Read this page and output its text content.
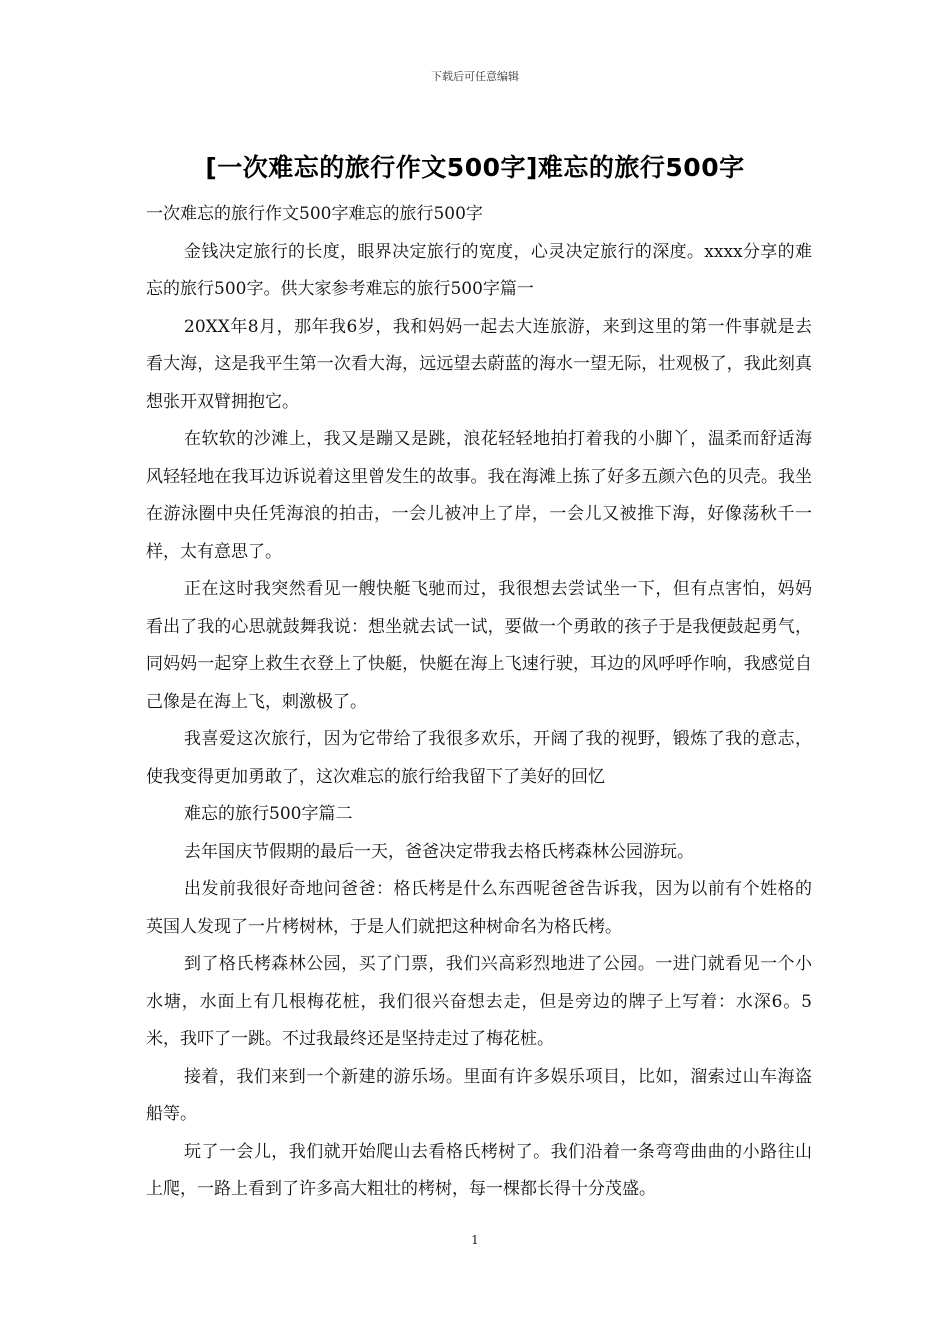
下载后可任意编辑
[一次难忘的旅行作文500字]难忘的旅行500字

一次难忘的旅行作文500字难忘的旅行500字

金钱决定旅行的长度，眼界决定旅行的宽度，心灵决定旅行的深度。xxxx分享的难忘的旅行500字。供大家参考难忘的旅行500字篇一

20XX年8月，那年我6岁，我和妈妈一起去大连旅游，来到这里的第一件事就是去看大海，这是我平生第一次看大海，远远望去蔚蓝的海水一望无际，壮观极了，我此刻真想张开双臂拥抱它。

在软软的沙滩上，我又是蹦又是跳，浪花轻轻地拍打着我的小脚丫，温柔而舒适海风轻轻地在我耳边诉说着这里曾发生的故事。我在海滩上拣了好多五颜六色的贝壳。我坐在游泳圈中央任凭海浪的拍击，一会儿被冲上了岸，一会儿又被推下海，好像荡秋千一样，太有意思了。

正在这时我突然看见一艘快艇飞驰而过，我很想去尝试坐一下，但有点害怕，妈妈看出了我的心思就鼓舞我说：想坐就去试一试，要做一个勇敢的孩子于是我便鼓起勇气，同妈妈一起穿上救生衣登上了快艇，快艇在海上飞速行驶，耳边的风呼呼作响，我感觉自己像是在海上飞，刺激极了。

我喜爱这次旅行，因为它带给了我很多欢乐，开阔了我的视野，锻炼了我的意志，使我变得更加勇敢了，这次难忘的旅行给我留下了美好的回忆

难忘的旅行500字篇二

去年国庆节假期的最后一天，爸爸决定带我去格氏栲森林公园游玩。

出发前我很好奇地问爸爸：格氏栲是什么东西呢爸爸告诉我，因为以前有个姓格的英国人发现了一片栲树林，于是人们就把这种树命名为格氏栲。

到了格氏栲森林公园，买了门票，我们兴高彩烈地进了公园。一进门就看见一个小水塘，水面上有几根梅花桩，我们很兴奋想去走，但是旁边的牌子上写着：水深6。5米，我吓了一跳。不过我最终还是坚持走过了梅花桩。

接着，我们来到一个新建的游乐场。里面有许多娱乐项目，比如，溜索过山车海盗船等。

玩了一会儿，我们就开始爬山去看格氏栲树了。我们沿着一条弯弯曲曲的小路往山上爬，一路上看到了许多高大粗壮的栲树，每一棵都长得十分茂盛。

1
